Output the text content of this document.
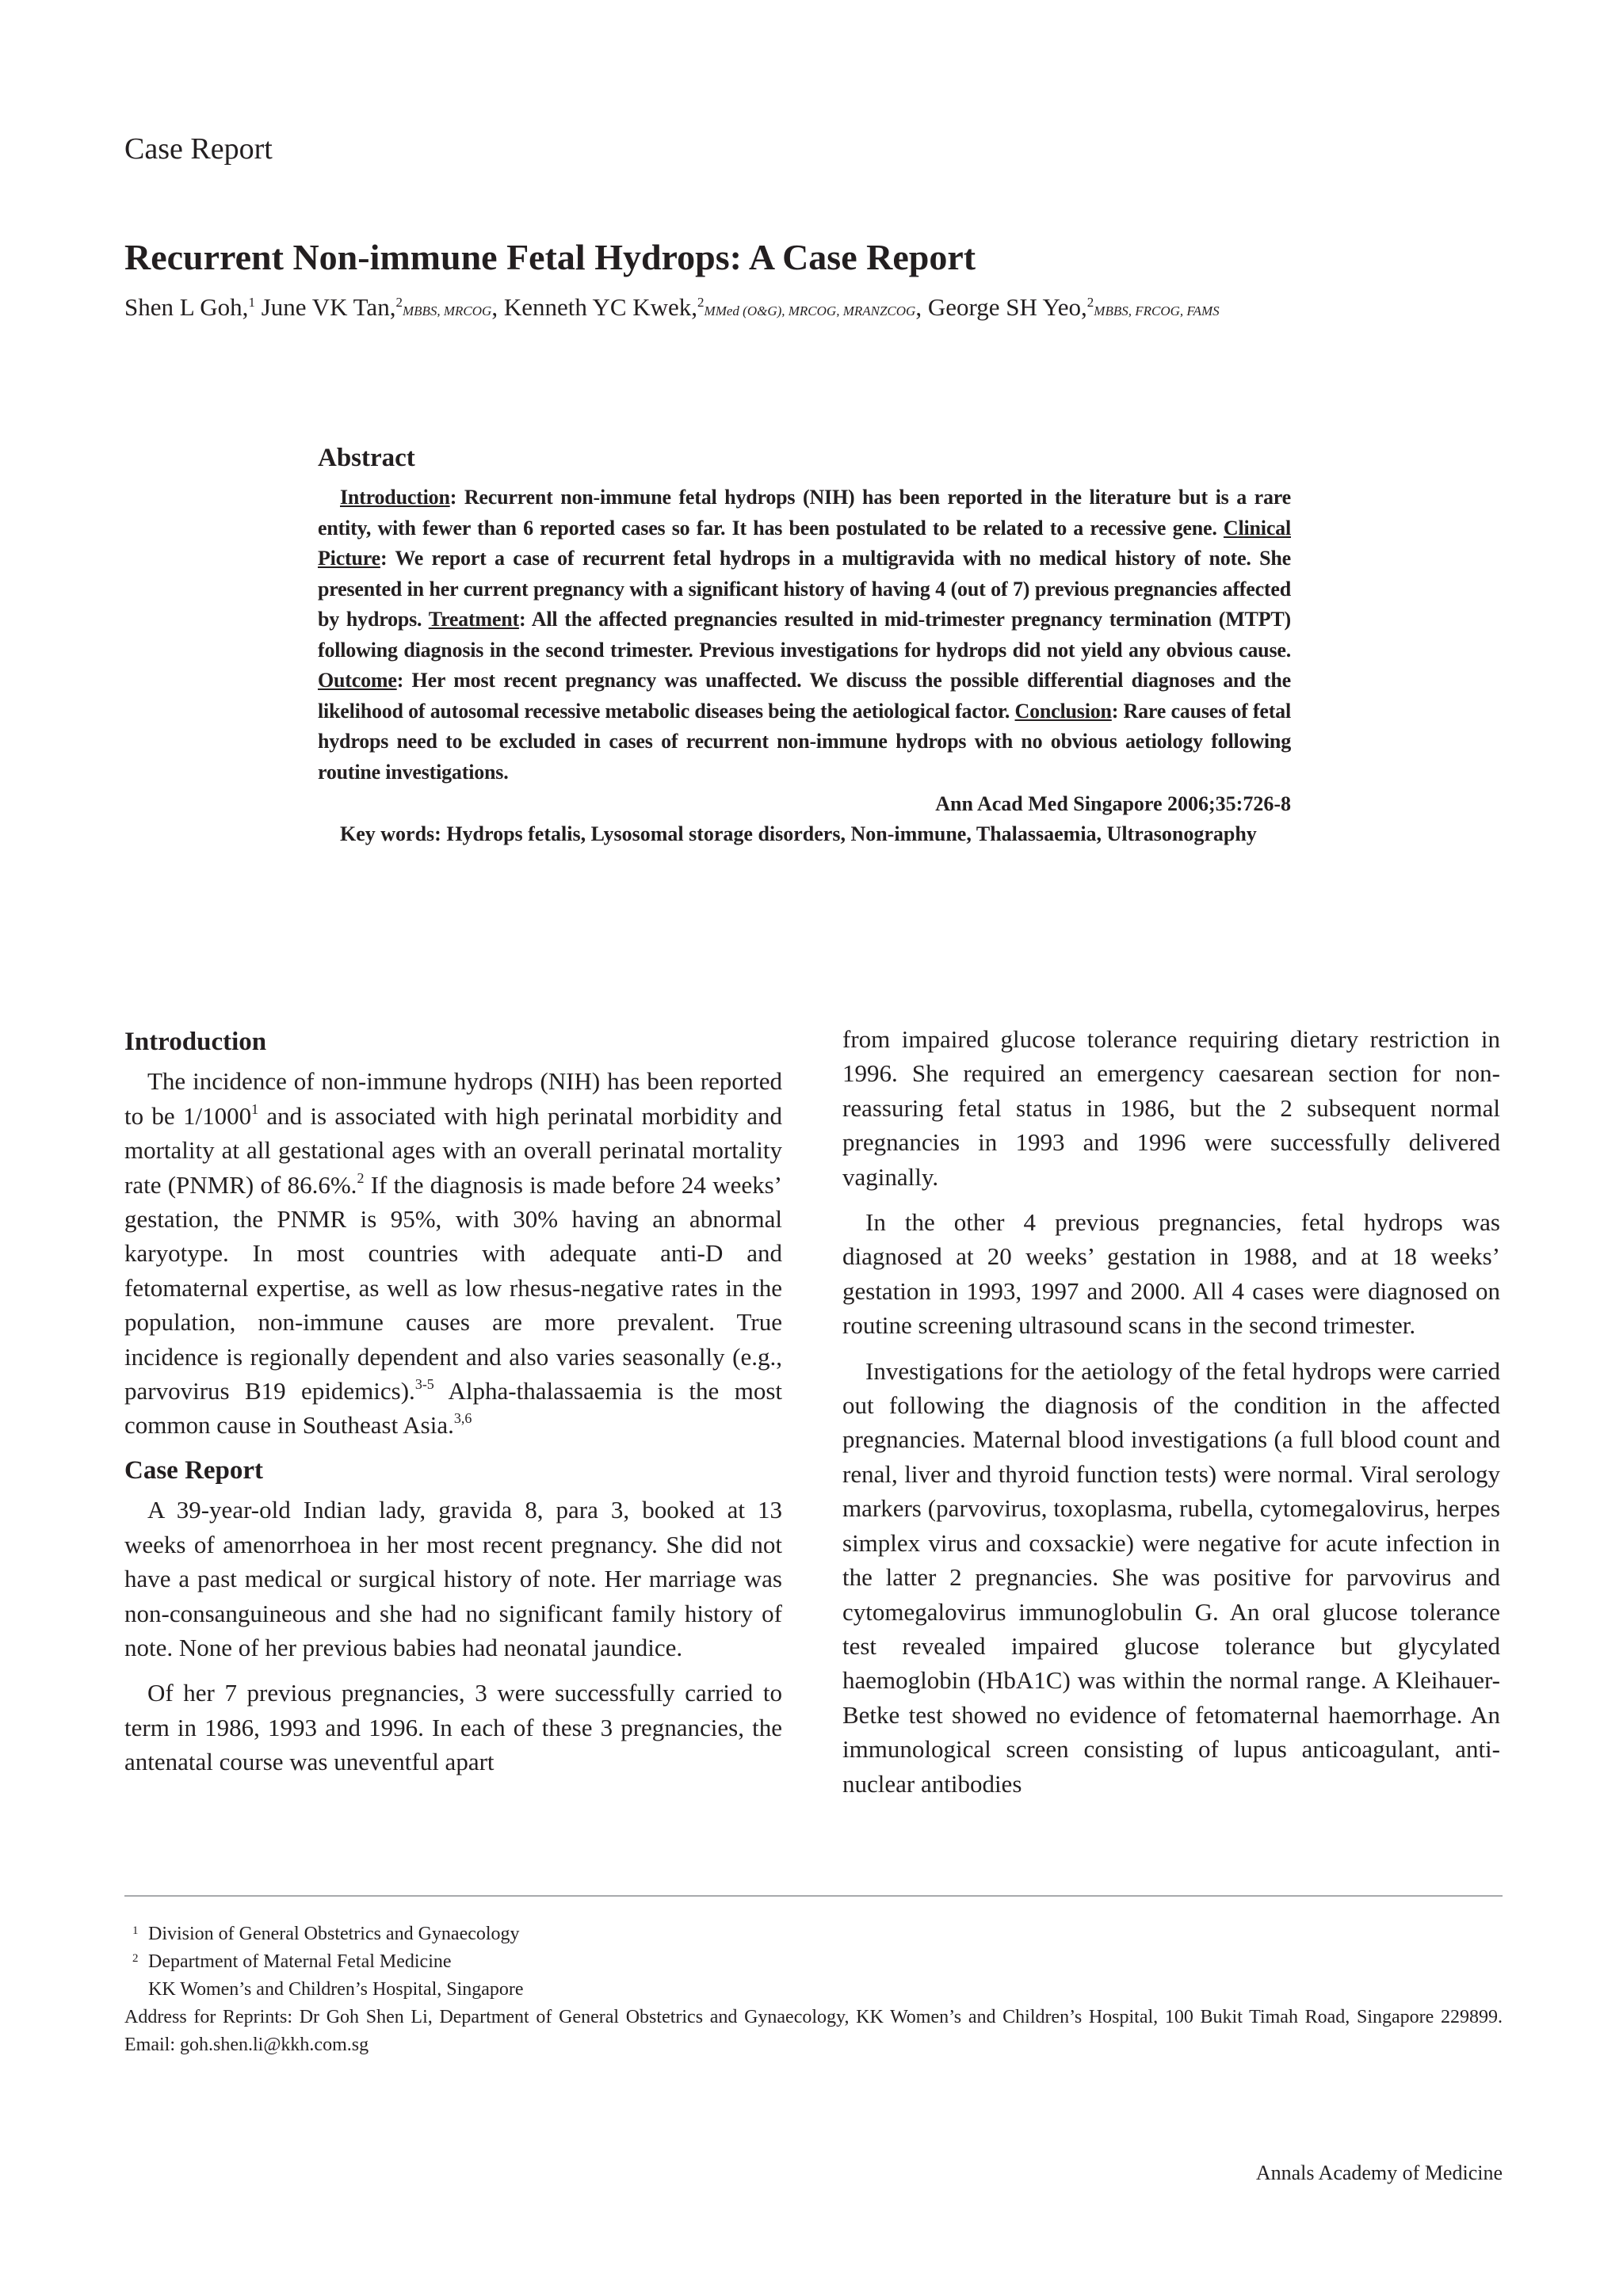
Case Report
Recurrent Non-immune Fetal Hydrops: A Case Report
Shen L Goh,$^1$ June VK Tan,$^2$MBBS, MRCOG, Kenneth YC Kwek,$^2$MMed (O&G), MRCOG, MRANZCOG, George SH Yeo,$^2$MBBS, FRCOG, FAMS
Abstract

Introduction: Recurrent non-immune fetal hydrops (NIH) has been reported in the literature but is a rare entity, with fewer than 6 reported cases so far. It has been postulated to be related to a recessive gene. Clinical Picture: We report a case of recurrent fetal hydrops in a multigravida with no medical history of note. She presented in her current pregnancy with a significant history of having 4 (out of 7) previous pregnancies affected by hydrops. Treatment: All the affected pregnancies resulted in mid-trimester pregnancy termination (MTPT) following diagnosis in the second trimester. Previous investigations for hydrops did not yield any obvious cause. Outcome: Her most recent pregnancy was unaffected. We discuss the possible differential diagnoses and the likelihood of autosomal recessive metabolic diseases being the aetiological factor. Conclusion: Rare causes of fetal hydrops need to be excluded in cases of recurrent non-immune hydrops with no obvious aetiology following routine investigations.

Ann Acad Med Singapore 2006;35:726-8

Key words: Hydrops fetalis, Lysosomal storage disorders, Non-immune, Thalassaemia, Ultrasonography

Introduction

The incidence of non-immune hydrops (NIH) has been reported to be 1/1000$^1$ and is associated with high perinatal morbidity and mortality at all gestational ages with an overall perinatal mortality rate (PNMR) of 86.6%.$^2$ If the diagnosis is made before 24 weeks’ gestation, the PNMR is 95%, with 30% having an abnormal karyotype. In most countries with adequate anti-D and fetomaternal expertise, as well as low rhesus-negative rates in the population, non-immune causes are more prevalent. True incidence is regionally dependent and also varies seasonally (e.g., parvovirus B19 epidemics).$^{3-5}$ Alpha-thalassaemia is the most common cause in Southeast Asia.$^{3,6}$

Case Report

A 39-year-old Indian lady, gravida 8, para 3, booked at 13 weeks of amenorrhoea in her most recent pregnancy. She did not have a past medical or surgical history of note. Her marriage was non-consanguineous and she had no significant family history of note. None of her previous babies had neonatal jaundice.

Of her 7 previous pregnancies, 3 were successfully carried to term in 1986, 1993 and 1996. In each of these 3 pregnancies, the antenatal course was uneventful apart

from impaired glucose tolerance requiring dietary restriction in 1996. She required an emergency caesarean section for non-reassuring fetal status in 1986, but the 2 subsequent normal pregnancies in 1993 and 1996 were successfully delivered vaginally.

In the other 4 previous pregnancies, fetal hydrops was diagnosed at 20 weeks’ gestation in 1988, and at 18 weeks’ gestation in 1993, 1997 and 2000. All 4 cases were diagnosed on routine screening ultrasound scans in the second trimester.

Investigations for the aetiology of the fetal hydrops were carried out following the diagnosis of the condition in the affected pregnancies. Maternal blood investigations (a full blood count and renal, liver and thyroid function tests) were normal. Viral serology markers (parvovirus, toxoplasma, rubella, cytomegalovirus, herpes simplex virus and coxsackie) were negative for acute infection in the latter 2 pregnancies. She was positive for parvovirus and cytomegalovirus immunoglobulin G. An oral glucose tolerance test revealed impaired glucose tolerance but glycylated haemoglobin (HbA1C) was within the normal range. A Kleihauer-Betke test showed no evidence of fetomaternal haemorrhage. An immunological screen consisting of lupus anticoagulant, anti-nuclear antibodies

1 Division of General Obstetrics and Gynaecology

2 Department of Maternal Fetal Medicine

KK Women’s and Children’s Hospital, Singapore

Address for Reprints: Dr Goh Shen Li, Department of General Obstetrics and Gynaecology, KK Women’s and Children’s Hospital, 100 Bukit Timah Road, Singapore 229899. Email: goh.shen.li@kkh.com.sg

Annals Academy of Medicine
